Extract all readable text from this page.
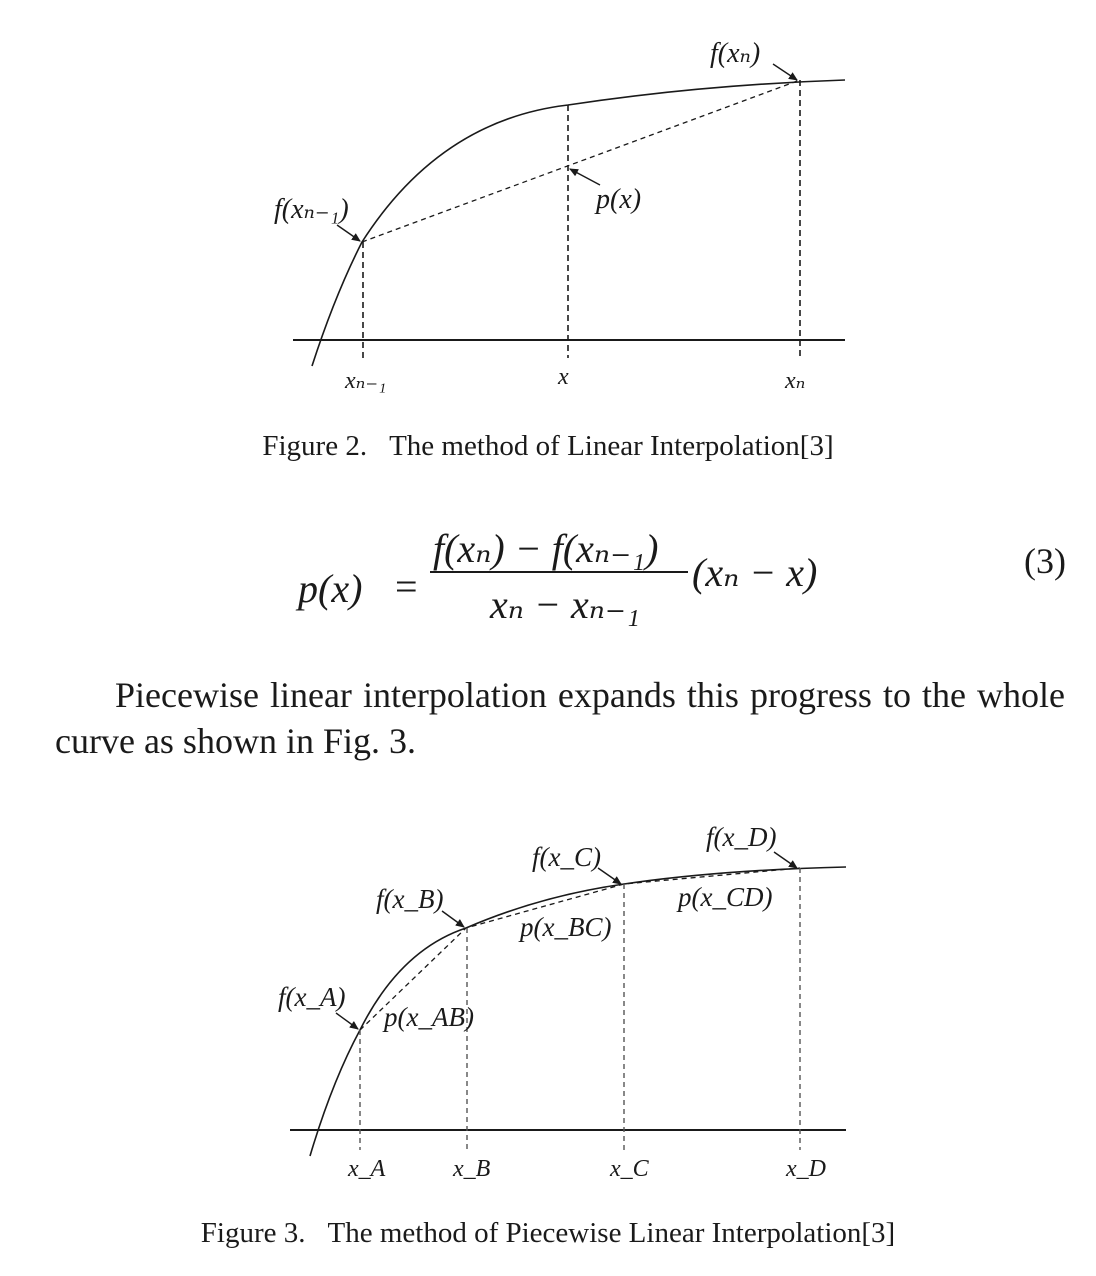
f(xₙ)
f(xₙ₋₁)	p(x)
xₙ₋₁	x	xₙ
Figure 2. The method of Linear Interpolation[3]
p(x) =
f(xₙ) − f(xₙ₋₁)
xₙ − xₙ₋₁
(xₙ − x)	(3)
Piecewise linear interpolation expands this progress to the whole curve as shown in Fig. 3.
f(x_A)
f(x_B)
f(x_C)
f(x_D)
p(x_AB)
p(x_BC)
p(x_CD)
x_A	x_B	x_C	x_D
Figure 3. The method of Piecewise Linear Interpolation[3]
